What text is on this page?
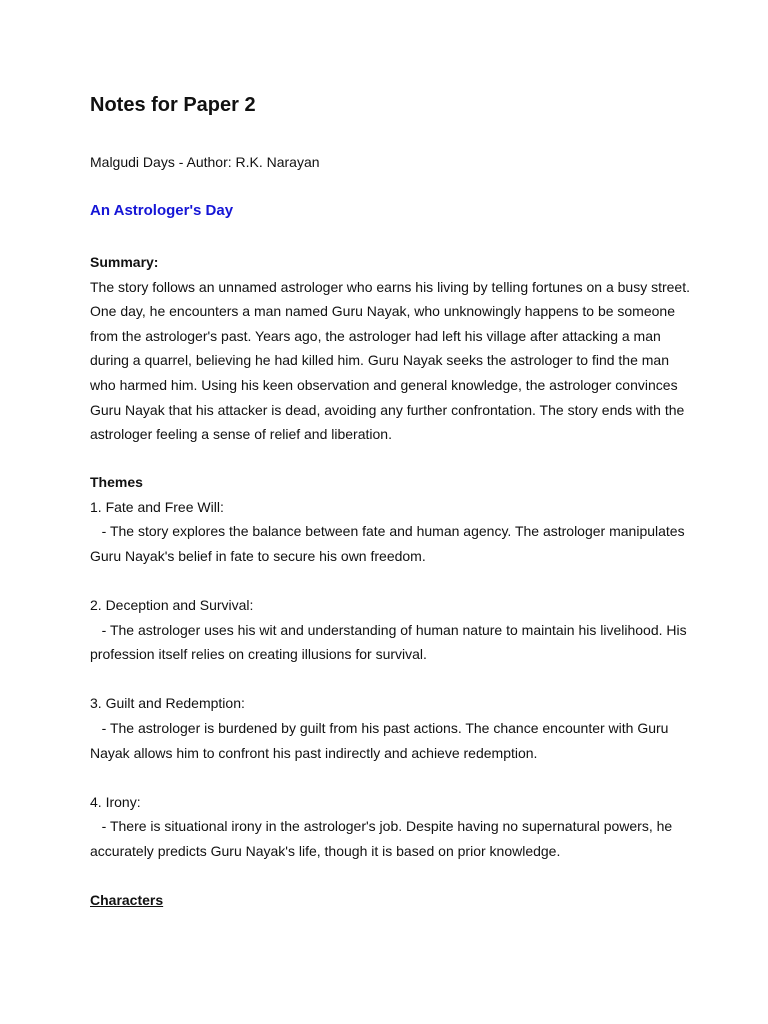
Notes for Paper 2
Malgudi Days - Author: R.K. Narayan
An Astrologer's Day

Summary:

The story follows an unnamed astrologer who earns his living by telling fortunes on a busy street. One day, he encounters a man named Guru Nayak, who unknowingly happens to be someone from the astrologer's past. Years ago, the astrologer had left his village after attacking a man during a quarrel, believing he had killed him. Guru Nayak seeks the astrologer to find the man who harmed him. Using his keen observation and general knowledge, the astrologer convinces Guru Nayak that his attacker is dead, avoiding any further confrontation. The story ends with the astrologer feeling a sense of relief and liberation.

Themes

1. Fate and Free Will:

- The story explores the balance between fate and human agency. The astrologer manipulates Guru Nayak's belief in fate to secure his own freedom.

2. Deception and Survival:

- The astrologer uses his wit and understanding of human nature to maintain his livelihood. His profession itself relies on creating illusions for survival.

3. Guilt and Redemption:

- The astrologer is burdened by guilt from his past actions. The chance encounter with Guru Nayak allows him to confront his past indirectly and achieve redemption.

4. Irony:

- There is situational irony in the astrologer's job. Despite having no supernatural powers, he accurately predicts Guru Nayak's life, though it is based on prior knowledge.

Characters
